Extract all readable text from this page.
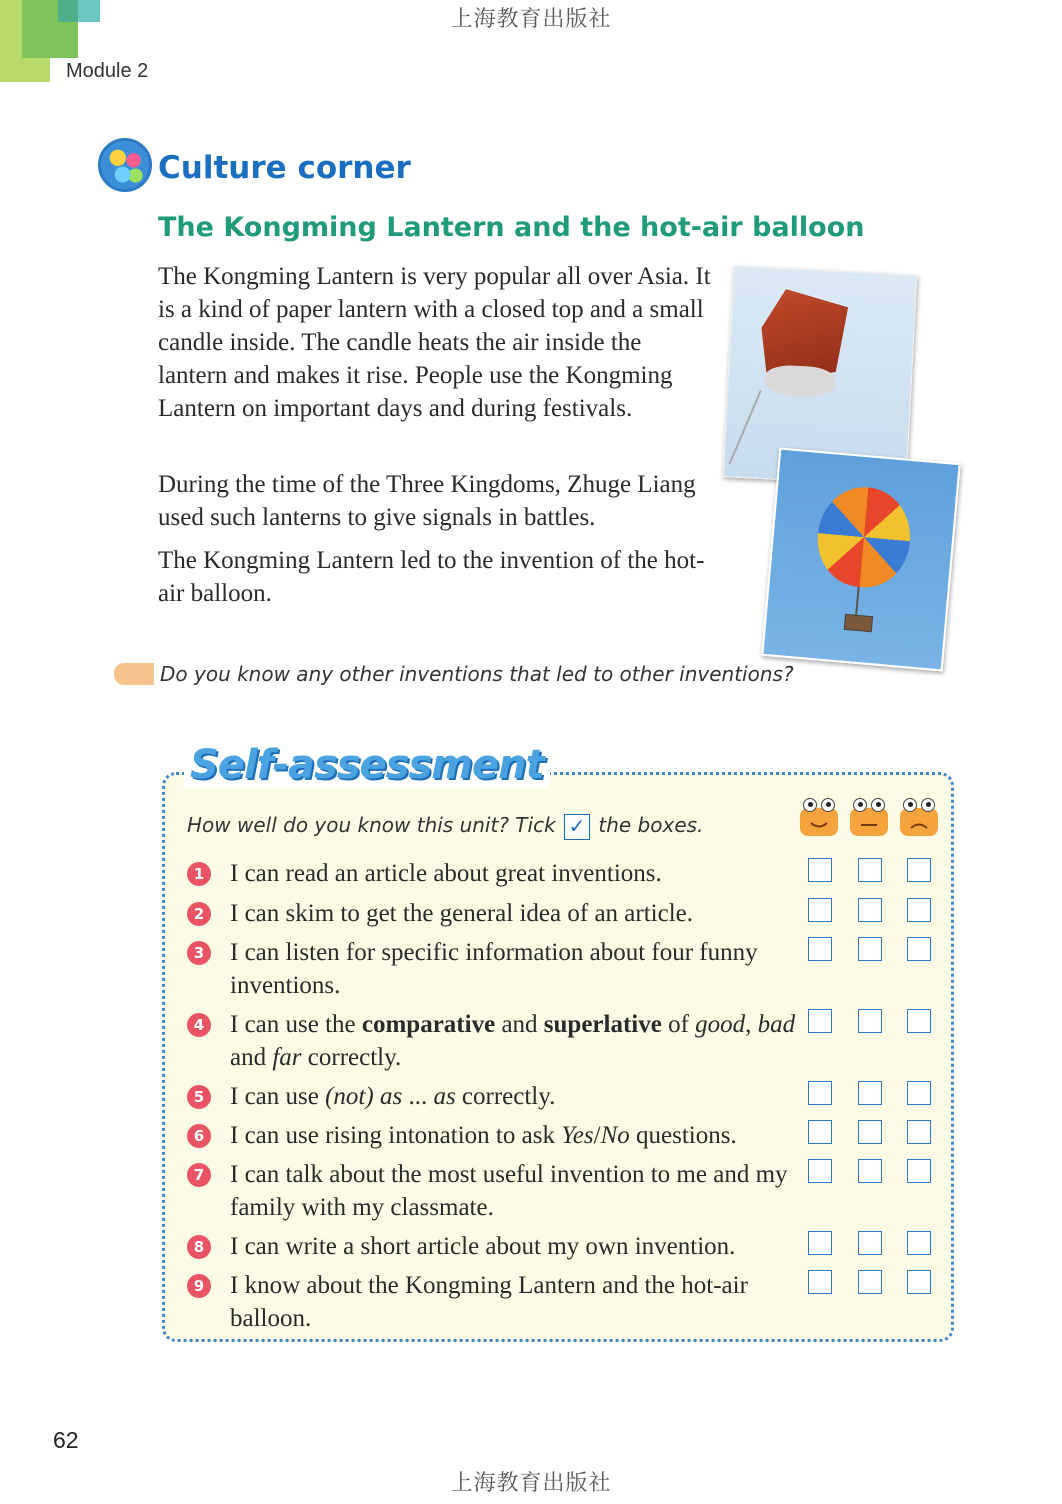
上海教育出版社
Module 2
Culture corner
The Kongming Lantern and the hot-air balloon
The Kongming Lantern is very popular all over Asia. It is a kind of paper lantern with a closed top and a small candle inside. The candle heats the air inside the lantern and makes it rise. People use the Kongming Lantern on important days and during festivals.
During the time of the Three Kingdoms, Zhuge Liang used such lanterns to give signals in battles.
The Kongming Lantern led to the invention of the hot-air balloon.
Do you know any other inventions that led to other inventions?
Self-assessment
How well do you know this unit? Tick ✓ the boxes.
1 I can read an article about great inventions.
2 I can skim to get the general idea of an article.
3 I can listen for specific information about four funny inventions.
4 I can use the comparative and superlative of good, bad and far correctly.
5 I can use (not) as ... as correctly.
6 I can use rising intonation to ask Yes/No questions.
7 I can talk about the most useful invention to me and my family with my classmate.
8 I can write a short article about my own invention.
9 I know about the Kongming Lantern and the hot-air balloon.
62
上海教育出版社
